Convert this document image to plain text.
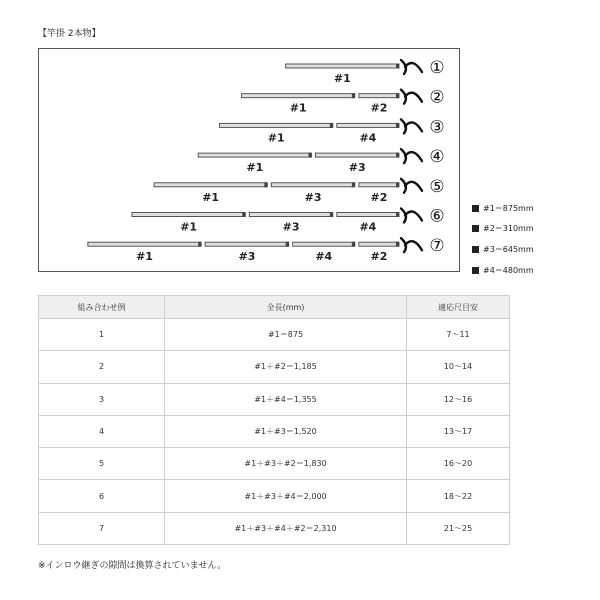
【竿掛 2本物】
#1
①
#2
#1
②
#4
#1
③
#3
#1
④
#2
#3
#1
⑤
#4
#3
#1
⑥
#2
#4
#3
#1
⑦
#1＝875mm
#2＝310mm
#3＝645mm
#4＝480mm
組み合わせ例	全長(mm)	適応尺目安
1	#1＝875	7〜11
2	#1＋#2＝1,185	10〜14
3	#1＋#4＝1,355	12〜16
4	#1＋#3＝1,520	13〜17
5	#1＋#3＋#2＝1,830	16〜20
6	#1＋#3＋#4＝2,000	18〜22
7	#1＋#3＋#4＋#2＝2,310	21〜25
※インロウ継ぎの隙間は換算されていません。
